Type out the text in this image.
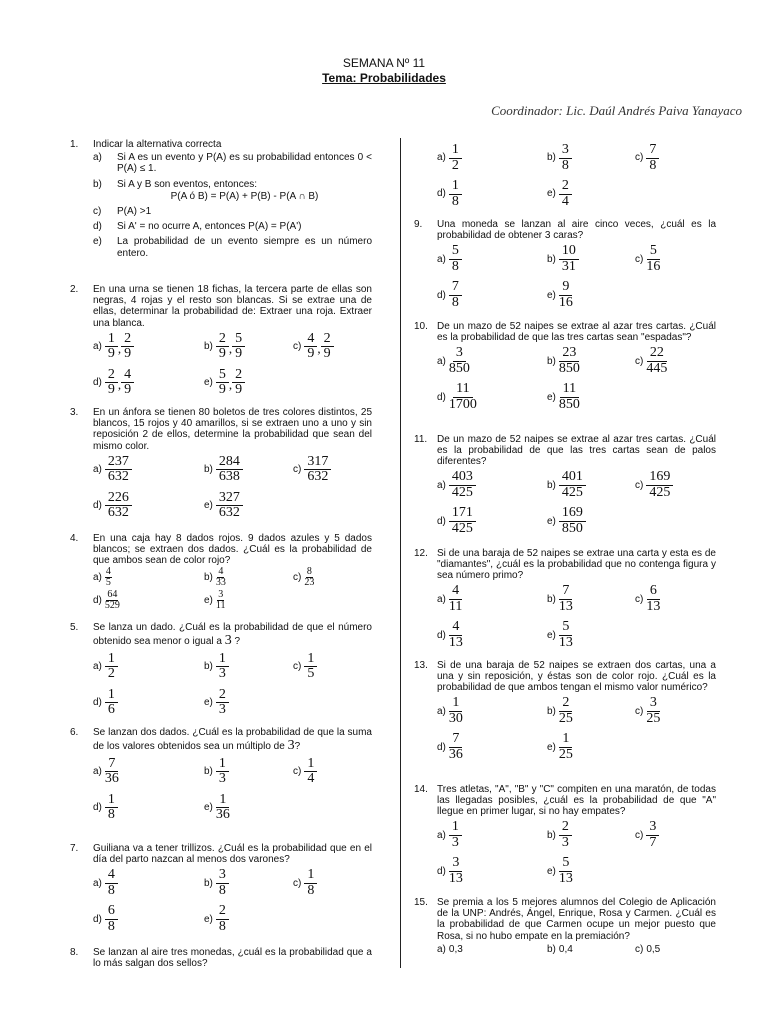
SEMANA Nº 11
Tema: Probabilidades
Coordinador: Lic. Daúl Andrés Paiva Yanayaco
1. Indicar la alternativa correcta
a) Si A es un evento y P(A) es su probabilidad entonces 0 < P(A) ≤ 1.
b) Si A y B son eventos, entonces:
P(A ó B) = P(A) + P(B) - P(A ∩ B)
c) P(A) >1
d) Si A' = no ocurre A, entonces P(A) = P(A')
e) La probabilidad de un evento siempre es un número entero.
2. En una urna se tienen 18 fichas, la tercera parte de ellas son negras, 4 rojas y el resto son blancas. Si se extrae una de ellas, determinar la probabilidad de: Extraer una roja. Extraer una blanca.
a)
1
9 ,
2
9	b)
2
9 ,
5
9	c)
4
9 ,
2
9
d)
2
9 ,
4
9	e)
5
9 ,
2
9
3. En un ánfora se tienen 80 boletos de tres colores distintos, 25 blancos, 15 rojos y 40 amarillos, si se extraen uno a uno y sin reposición 2 de ellos, determine la probabilidad que sean del mismo color.
a)
237
632	b)
284
638	c)
317
632
d)
226
632	e)
327
632
4. En una caja hay 8 dados rojos. 9 dados azules y 5 dados blancos; se extraen dos dados. ¿Cuál es la probabilidad de que ambos sean de color rojo?
a)
4
5	b)
4
33	c)
8
23
d)
64
529	e)
3
11
5. Se lanza un dado. ¿Cuál es la probabilidad de que el número obtenido sea menor o igual a 3 ?
a)
1
2	b)
1
3	c)
1
5
d)
1
6	e)
2
3
6. Se lanzan dos dados. ¿Cuál es la probabilidad de que la suma de los valores obtenidos sea un múltiplo de 3?
a)
7
36	b)
1
3	c)
1
4
d)
1
8	e)
1
36
7. Guiliana va a tener trillizos. ¿Cuál es la probabilidad que en el día del parto nazcan al menos dos varones?
a)
4
8	b)
3
8	c)
1
8
d)
6
8	e)
2
8
8. Se lanzan al aire tres monedas, ¿cuál es la probabilidad que a lo más salgan dos sellos?
a)
1
2	b)
3
8	c)
7
8
d)
1
8	e)
2
4
9. Una moneda se lanzan al aire cinco veces, ¿cuál es la probabilidad de obtener 3 caras?
a)
5
8	b)
10
31	c)
5
16
d)
7
8	e)
9
16
10. De un mazo de 52 naipes se extrae al azar tres cartas. ¿Cuál es la probabilidad de que las tres cartas sean "espadas"?
a)
3
850	b)
23
850	c)
22
445
d)
11
1700	e)
11
850
11. De un mazo de 52 naipes se extrae al azar tres cartas. ¿Cuál es la probabilidad de que las tres cartas sean de palos diferentes?
a)
403
425	b)
401
425	c)
169
425
d)
171
425	e)
169
850
12. Si de una baraja de 52 naipes se extrae una carta y esta es de "diamantes", ¿cuál es la probabilidad que no contenga figura y sea número primo?
a)
4
11	b)
7
13	c)
6
13
d)
4
13	e)
5
13
13. Si de una baraja de 52 naipes se extraen dos cartas, una a una y sin reposición, y éstas son de color rojo. ¿Cuál es la probabilidad de que ambos tengan el mismo valor numérico?
a)
1
30	b)
2
25	c)
3
25
d)
7
36	e)
1
25
14. Tres atletas, "A", "B" y "C" compiten en una maratón, de todas las llegadas posibles, ¿cuál es la probabilidad de que "A" llegue en primer lugar, si no hay empates?
a)
1
3	b)
2
3	c)
3
7
d)
3
13	e)
5
13
15. Se premia a los 5 mejores alumnos del Colegio de Aplicación de la UNP: Andrés, Ángel, Enrique, Rosa y Carmen. ¿Cuál es la probabilidad de que Carmen ocupe un mejor puesto que Rosa, si no hubo empate en la premiación?
a) 0,3	b) 0,4	c) 0,5
